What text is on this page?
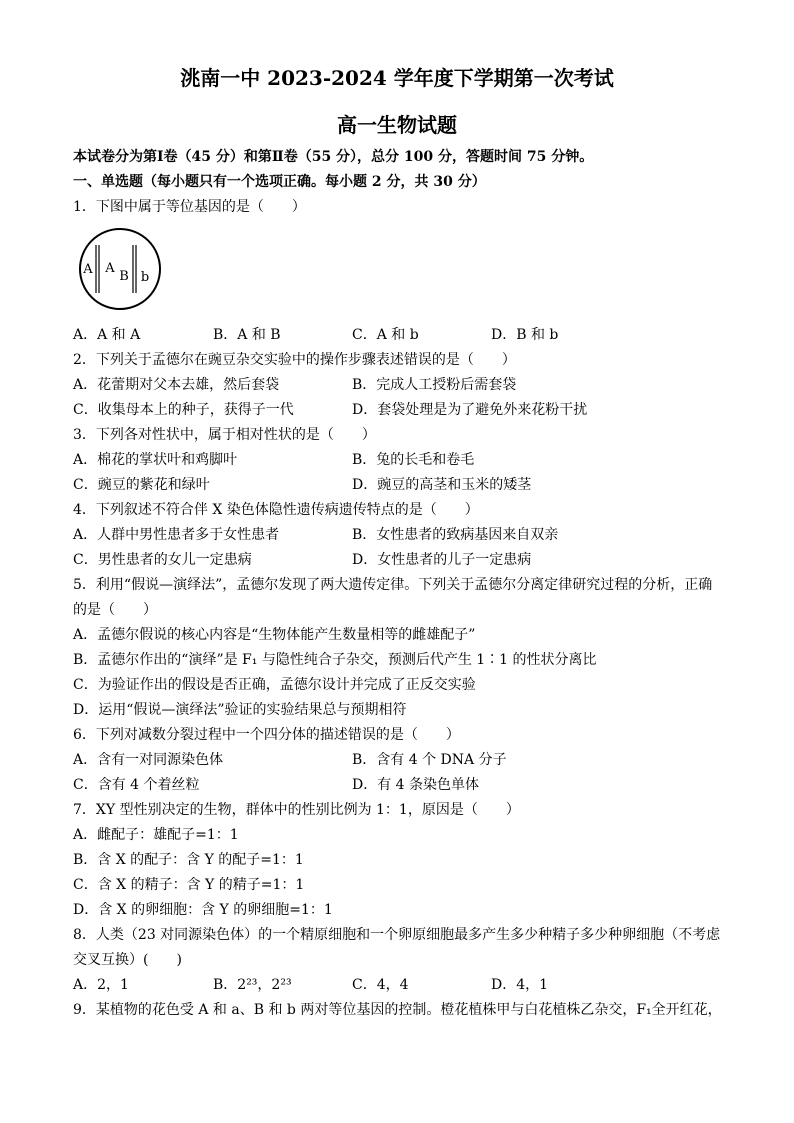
洮南一中 2023-2024 学年度下学期第一次考试
高一生物试题
本试卷分为第Ⅰ卷（45 分）和第Ⅱ卷（55 分），总分 100 分，答题时间 75 分钟。
一、单选题（每小题只有一个选项正确。每小题 2 分，共 30 分）
1．下图中属于等位基因的是（　　）
A A
B b
A．A 和 A	B．A 和 B	C．A 和 b	D．B 和 b
2．下列关于孟德尔在豌豆杂交实验中的操作步骤表述错误的是（　　）
A．花蕾期对父本去雄，然后套袋	B．完成人工授粉后需套袋
C．收集母本上的种子，获得子一代	D．套袋处理是为了避免外来花粉干扰
3．下列各对性状中，属于相对性状的是（　　）
A．棉花的掌状叶和鸡脚叶	B．兔的长毛和卷毛
C．豌豆的紫花和绿叶	D．豌豆的高茎和玉米的矮茎
4．下列叙述不符合伴 X 染色体隐性遗传病遗传特点的是（　　）
A．人群中男性患者多于女性患者	B．女性患者的致病基因来自双亲
C．男性患者的女儿一定患病	D．女性患者的儿子一定患病
5．利用“假说—演绎法”，孟德尔发现了两大遗传定律。下列关于孟德尔分离定律研究过程的分析，正确
的是（　　）
A．孟德尔假说的核心内容是“生物体能产生数量相等的雌雄配子”
B．孟德尔作出的“演绎”是 F₁ 与隐性纯合子杂交，预测后代产生 1∶1 的性状分离比
C．为验证作出的假设是否正确，孟德尔设计并完成了正反交实验
D．运用“假说—演绎法”验证的实验结果总与预期相符
6．下列对减数分裂过程中一个四分体的描述错误的是（　　）
A．含有一对同源染色体	B．含有 4 个 DNA 分子
C．含有 4 个着丝粒	D．有 4 条染色单体
7．XY 型性别决定的生物，群体中的性别比例为 1：1，原因是（　　）
A．雌配子：雄配子=1：1
B．含 X 的配子：含 Y 的配子=1：1
C．含 X 的精子：含 Y 的精子=1：1
D．含 X 的卵细胞：含 Y 的卵细胞=1：1
8．人类（23 对同源染色体）的一个精原细胞和一个卵原细胞最多产生多少种精子多少种卵细胞（不考虑
交叉互换）(　　)
A．2，1	B．2²³，2²³	C．4，4	D．4，1
9．某植物的花色受 A 和 a、B 和 b 两对等位基因的控制。橙花植株甲与白花植株乙杂交，F₁全开红花，
